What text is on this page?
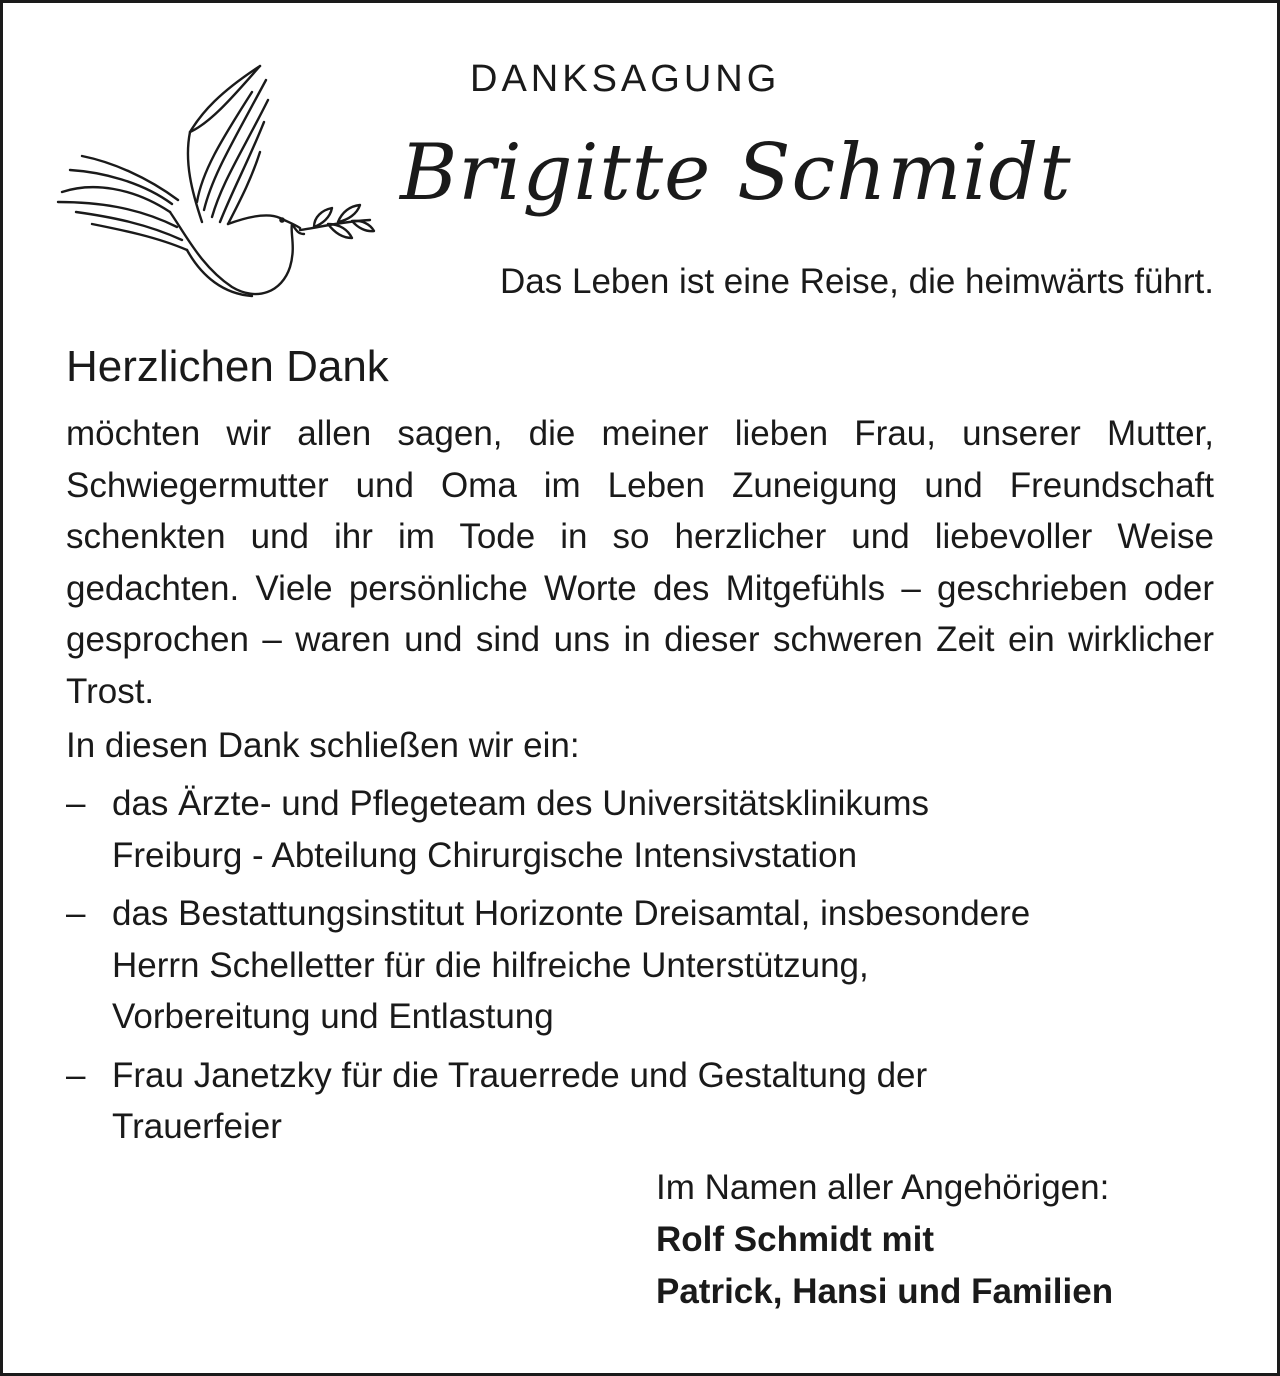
DANKSAGUNG
Brigitte Schmidt
Das Leben ist eine Reise, die heimwärts führt.
Herzlichen Dank
möchten wir allen sagen, die meiner lieben Frau, unserer Mutter, Schwiegermutter und Oma im Leben Zuneigung und Freundschaft schenkten und ihr im Tode in so herzlicher und liebevoller Weise gedachten. Viele persönliche Worte des Mitgefühls – geschrieben oder gesprochen – waren und sind uns in dieser schweren Zeit ein wirklicher Trost.
In diesen Dank schließen wir ein:
– das Ärzte- und Pflegeteam des Universitätsklinikums
Freiburg - Abteilung Chirurgische Intensivstation
– das Bestattungsinstitut Horizonte Dreisamtal, insbesondere
Herrn Schelletter für die hilfreiche Unterstützung,
Vorbereitung und Entlastung
– Frau Janetzky für die Trauerrede und Gestaltung der
Trauerfeier
Im Namen aller Angehörigen:
Rolf Schmidt mit
Patrick, Hansi und Familien
